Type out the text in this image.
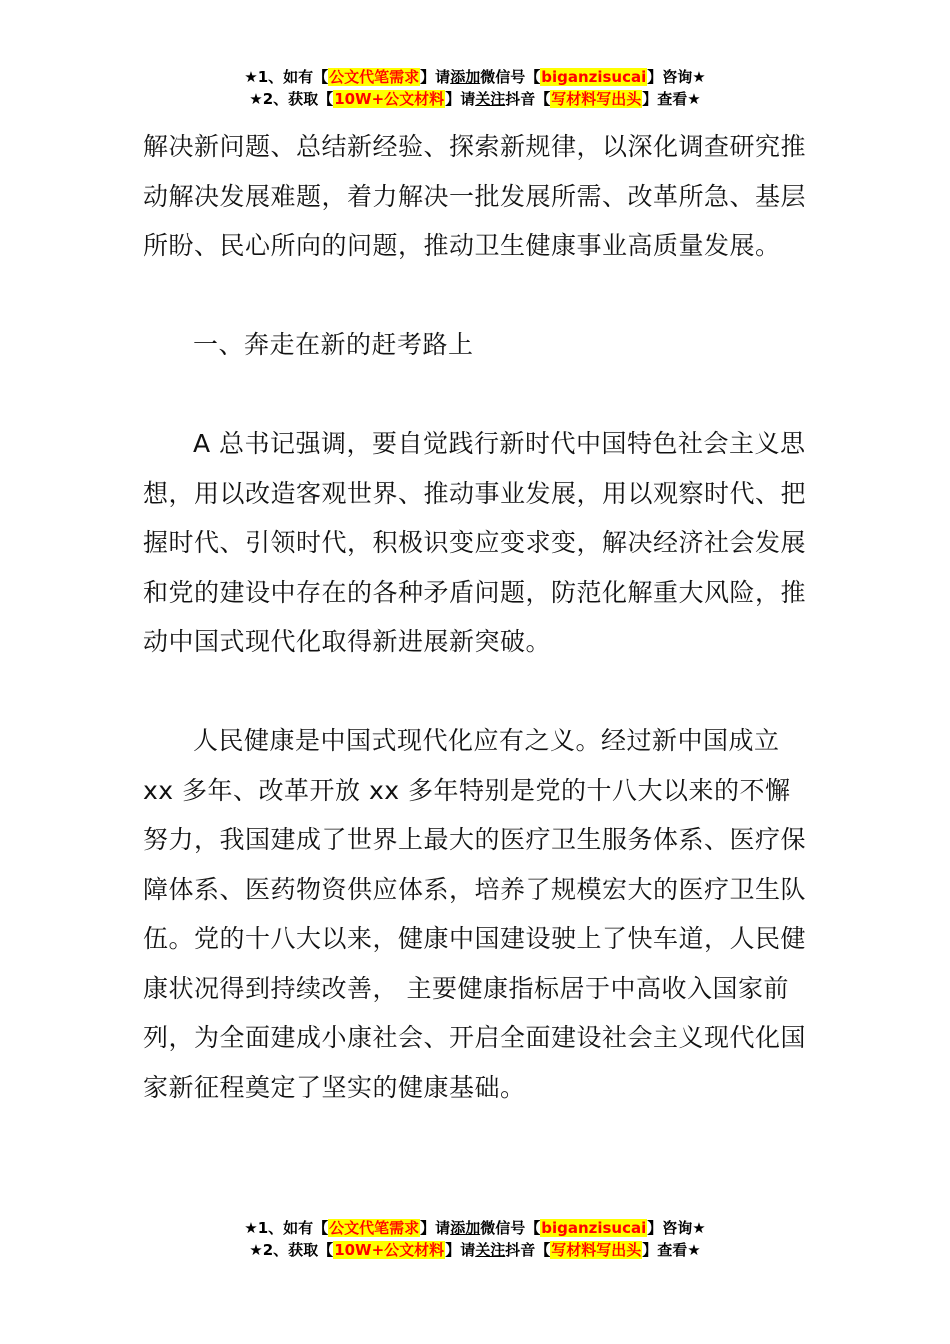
★1、如有【公文代笔需求】请添加微信号【biganzisucai】咨询★
★2、获取【10W+公文材料】请关注抖音【写材料写出头】查看★

解决新问题、总结新经验、探索新规律，以深化调查研究推动解决发展难题，着力解决一批发展所需、改革所急、基层所盼、民心所向的问题，推动卫生健康事业高质量发展。

一、奔走在新的赶考路上

A 总书记强调，要自觉践行新时代中国特色社会主义思想，用以改造客观世界、推动事业发展，用以观察时代、把握时代、引领时代，积极识变应变求变，解决经济社会发展和党的建设中存在的各种矛盾问题，防范化解重大风险，推动中国式现代化取得新进展新突破。

人民健康是中国式现代化应有之义。经过新中国成立 xx 多年、改革开放 xx 多年特别是党的十八大以来的不懈努力，我国建成了世界上最大的医疗卫生服务体系、医疗保障体系、医药物资供应体系，培养了规模宏大的医疗卫生队伍。党的十八大以来，健康中国建设驶上了快车道，人民健康状况得到持续改善， 主要健康指标居于中高收入国家前列，为全面建成小康社会、开启全面建设社会主义现代化国家新征程奠定了坚实的健康基础。

★1、如有【公文代笔需求】请添加微信号【biganzisucai】咨询★
★2、获取【10W+公文材料】请关注抖音【写材料写出头】查看★
